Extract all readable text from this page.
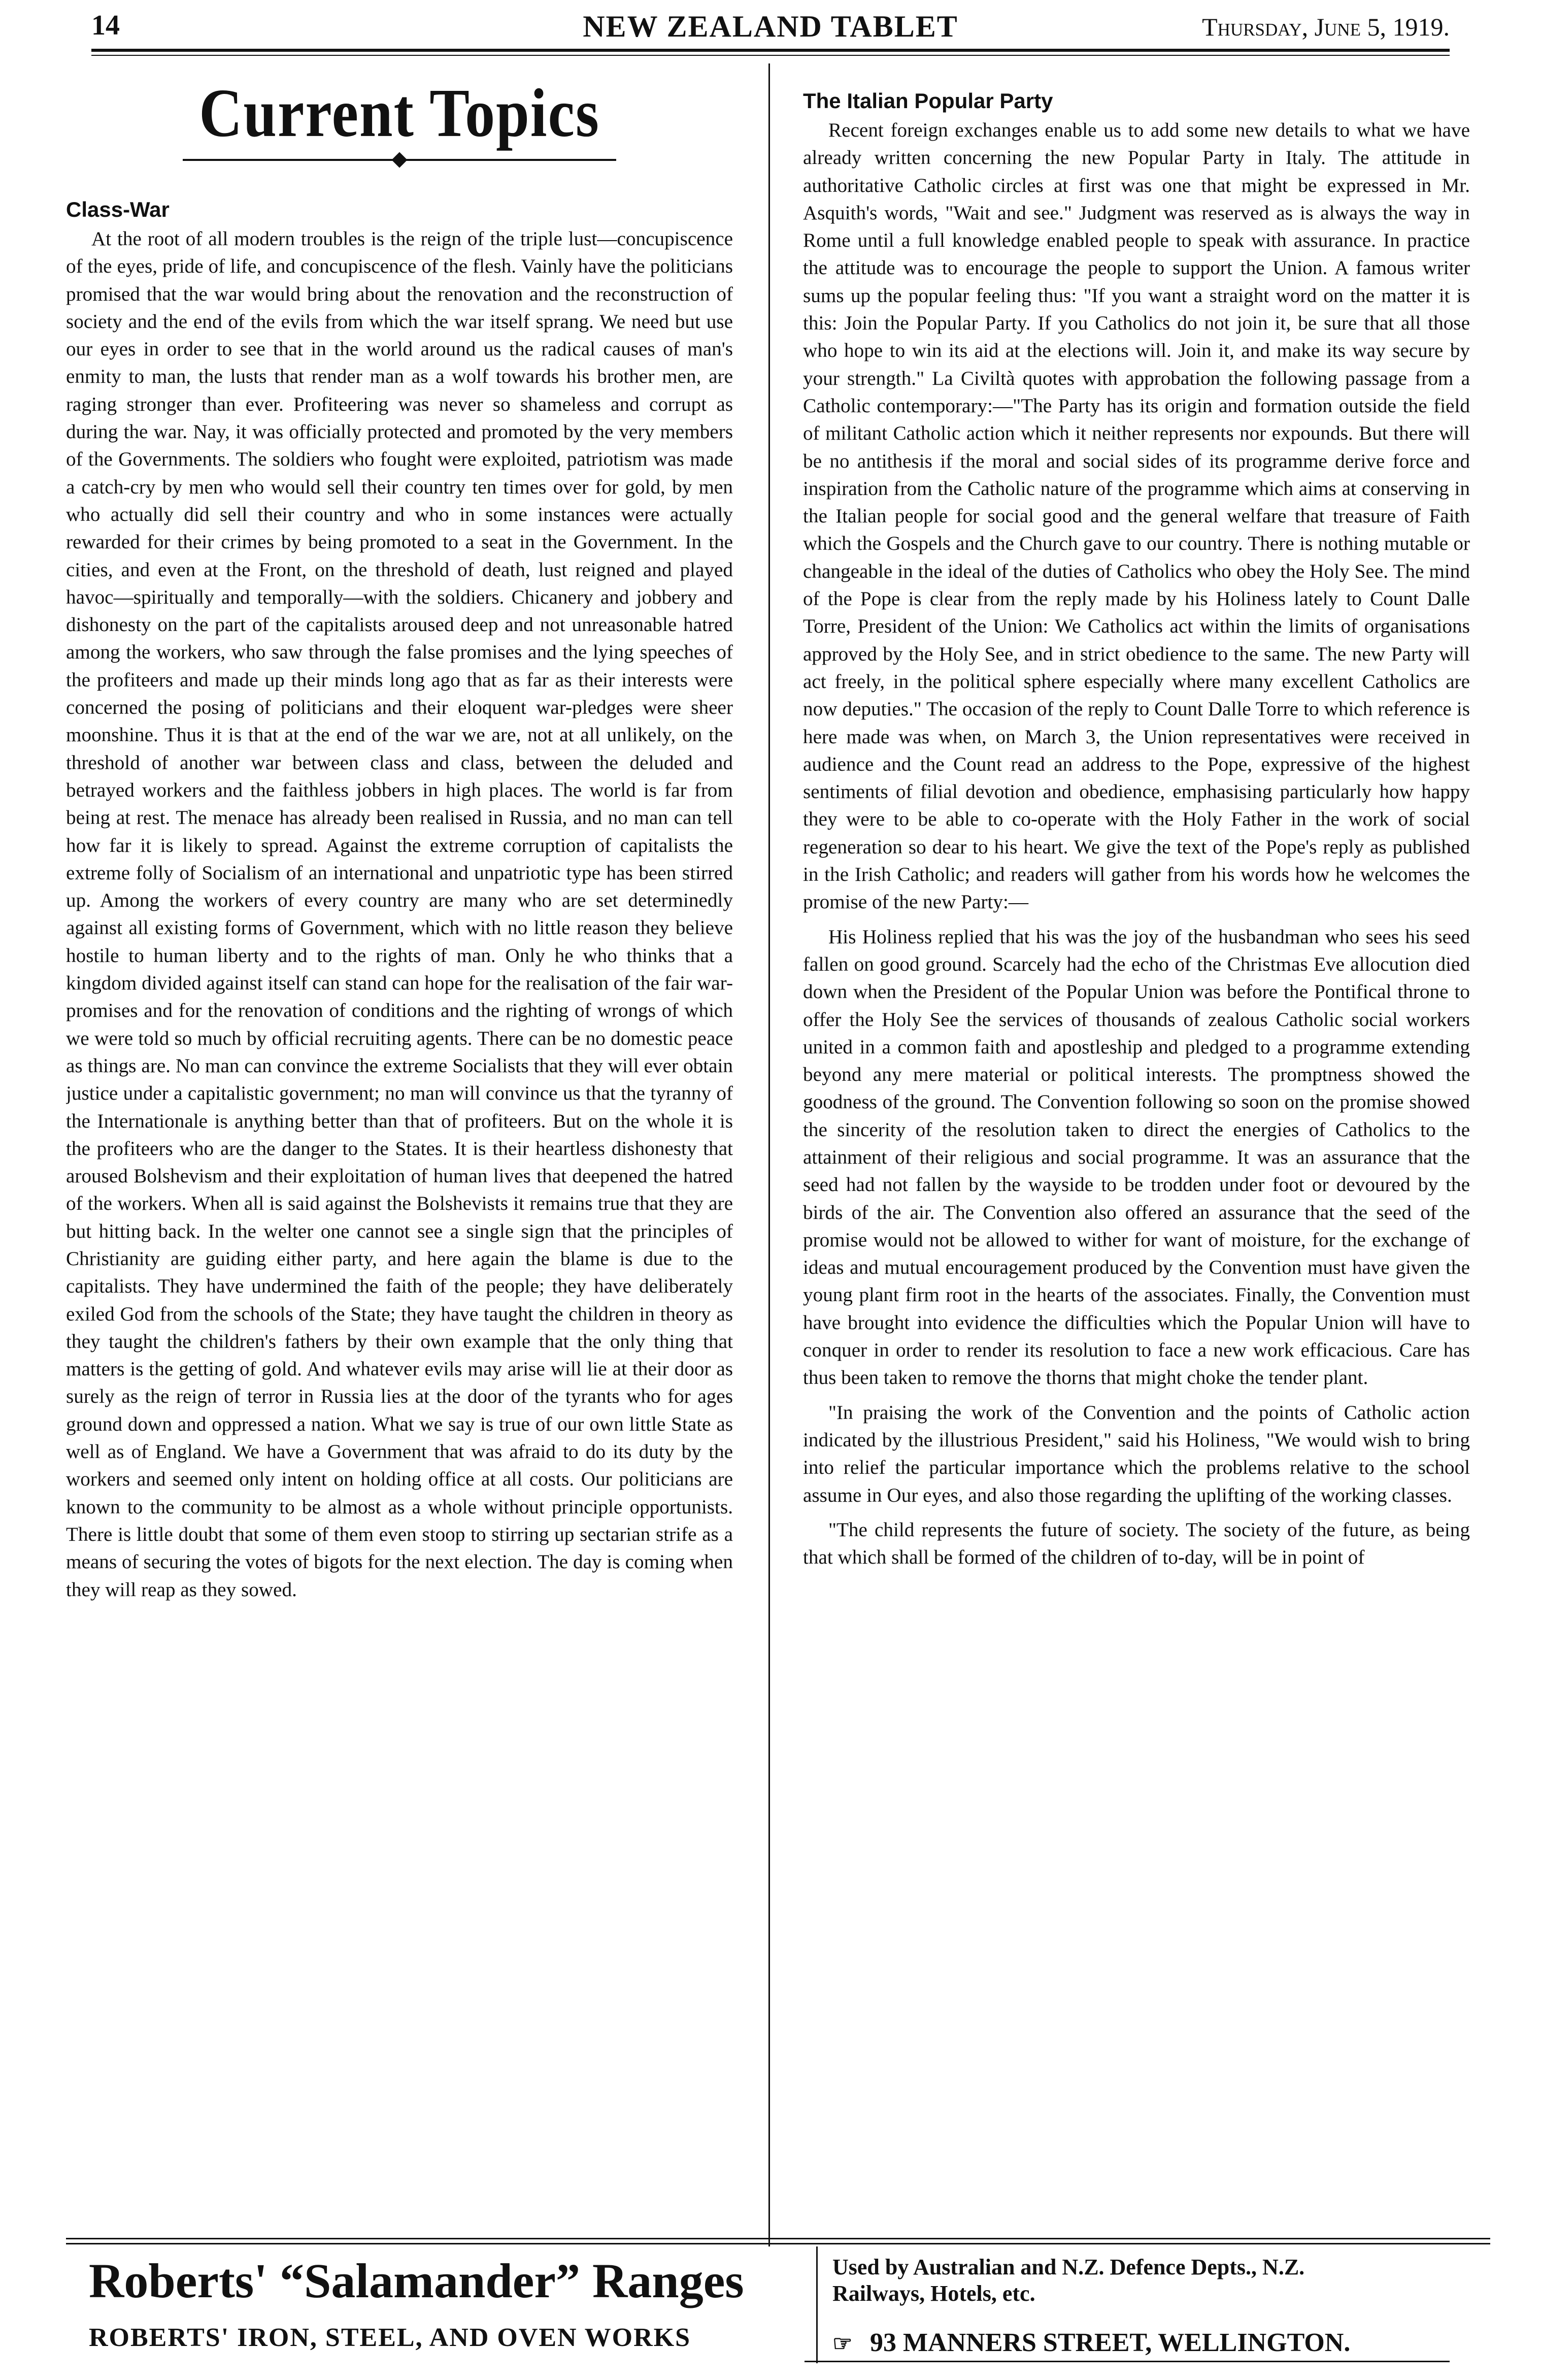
14	NEW ZEALAND TABLET	Thursday, June 5, 1919.
Current Topics
Class-War

At the root of all modern troubles is the reign of the triple lust—concupiscence of the eyes, pride of life, and concupiscence of the flesh. Vainly have the politicians promised that the war would bring about the renovation and the reconstruction of society and the end of the evils from which the war itself sprang. We need but use our eyes in order to see that in the world around us the radical causes of man's enmity to man, the lusts that render man as a wolf towards his brother men, are raging stronger than ever. Profiteering was never so shameless and corrupt as during the war. Nay, it was officially protected and promoted by the very members of the Governments. The soldiers who fought were exploited, patriotism was made a catch-cry by men who would sell their country ten times over for gold, by men who actually did sell their country and who in some instances were actually rewarded for their crimes by being promoted to a seat in the Government. In the cities, and even at the Front, on the threshold of death, lust reigned and played havoc—spiritually and temporally—with the soldiers. Chicanery and jobbery and dishonesty on the part of the capitalists aroused deep and not unreasonable hatred among the workers, who saw through the false promises and the lying speeches of the profiteers and made up their minds long ago that as far as their interests were concerned the posing of politicians and their eloquent war-pledges were sheer moonshine. Thus it is that at the end of the war we are, not at all unlikely, on the threshold of another war between class and class, between the deluded and betrayed workers and the faithless jobbers in high places. The world is far from being at rest. The menace has already been realised in Russia, and no man can tell how far it is likely to spread. Against the extreme corruption of capitalists the extreme folly of Socialism of an international and unpatriotic type has been stirred up. Among the workers of every country are many who are set determinedly against all existing forms of Government, which with no little reason they believe hostile to human liberty and to the rights of man. Only he who thinks that a kingdom divided against itself can stand can hope for the realisation of the fair war-promises and for the renovation of conditions and the righting of wrongs of which we were told so much by official recruiting agents. There can be no domestic peace as things are. No man can convince the extreme Socialists that they will ever obtain justice under a capitalistic government; no man will convince us that the tyranny of the Internationale is anything better than that of profiteers. But on the whole it is the profiteers who are the danger to the States. It is their heartless dishonesty that aroused Bolshevism and their exploitation of human lives that deepened the hatred of the workers. When all is said against the Bolshevists it remains true that they are but hitting back. In the welter one cannot see a single sign that the principles of Christianity are guiding either party, and here again the blame is due to the capitalists. They have undermined the faith of the people; they have deliberately exiled God from the schools of the State; they have taught the children in theory as they taught the children's fathers by their own example that the only thing that matters is the getting of gold. And whatever evils may arise will lie at their door as surely as the reign of terror in Russia lies at the door of the tyrants who for ages ground down and oppressed a nation. What we say is true of our own little State as well as of England. We have a Government that was afraid to do its duty by the workers and seemed only intent on holding office at all costs. Our politicians are known to the community to be almost as a whole without principle opportunists. There is little doubt that some of them even stoop to stirring up sectarian strife as a means of securing the votes of bigots for the next election. The day is coming when they will reap as they sowed.

The Italian Popular Party

Recent foreign exchanges enable us to add some new details to what we have already written concerning the new Popular Party in Italy. The attitude in authoritative Catholic circles at first was one that might be expressed in Mr. Asquith's words, "Wait and see." Judgment was reserved as is always the way in Rome until a full knowledge enabled people to speak with assurance. In practice the attitude was to encourage the people to support the Union. A famous writer sums up the popular feeling thus: "If you want a straight word on the matter it is this: Join the Popular Party. If you Catholics do not join it, be sure that all those who hope to win its aid at the elections will. Join it, and make its way secure by your strength." La Civiltà quotes with approbation the following passage from a Catholic contemporary:—"The Party has its origin and formation outside the field of militant Catholic action which it neither represents nor expounds. But there will be no antithesis if the moral and social sides of its programme derive force and inspiration from the Catholic nature of the programme which aims at conserving in the Italian people for social good and the general welfare that treasure of Faith which the Gospels and the Church gave to our country. There is nothing mutable or changeable in the ideal of the duties of Catholics who obey the Holy See. The mind of the Pope is clear from the reply made by his Holiness lately to Count Dalle Torre, President of the Union: We Catholics act within the limits of organisations approved by the Holy See, and in strict obedience to the same. The new Party will act freely, in the political sphere especially where many excellent Catholics are now deputies." The occasion of the reply to Count Dalle Torre to which reference is here made was when, on March 3, the Union representatives were received in audience and the Count read an address to the Pope, expressive of the highest sentiments of filial devotion and obedience, emphasising particularly how happy they were to be able to co-operate with the Holy Father in the work of social regeneration so dear to his heart. We give the text of the Pope's reply as published in the Irish Catholic; and readers will gather from his words how he welcomes the promise of the new Party:—

His Holiness replied that his was the joy of the husbandman who sees his seed fallen on good ground. Scarcely had the echo of the Christmas Eve allocution died down when the President of the Popular Union was before the Pontifical throne to offer the Holy See the services of thousands of zealous Catholic social workers united in a common faith and apostleship and pledged to a programme extending beyond any mere material or political interests. The promptness showed the goodness of the ground. The Convention following so soon on the promise showed the sincerity of the resolution taken to direct the energies of Catholics to the attainment of their religious and social programme. It was an assurance that the seed had not fallen by the wayside to be trodden under foot or devoured by the birds of the air. The Convention also offered an assurance that the seed of the promise would not be allowed to wither for want of moisture, for the exchange of ideas and mutual encouragement produced by the Convention must have given the young plant firm root in the hearts of the associates. Finally, the Convention must have brought into evidence the difficulties which the Popular Union will have to conquer in order to render its resolution to face a new work efficacious. Care has thus been taken to remove the thorns that might choke the tender plant.

"In praising the work of the Convention and the points of Catholic action indicated by the illustrious President," said his Holiness, "We would wish to bring into relief the particular importance which the problems relative to the school assume in Our eyes, and also those regarding the uplifting of the working classes.

"The child represents the future of society. The society of the future, as being that which shall be formed of the children of to-day, will be in point of

Roberts' “Salamander” Ranges
ROBERTS' IRON, STEEL, AND OVEN WORKS
Used by Australian and N.Z. Defence Depts., N.Z.
Railways, Hotels, etc.
☞ 93 MANNERS STREET, WELLINGTON.
